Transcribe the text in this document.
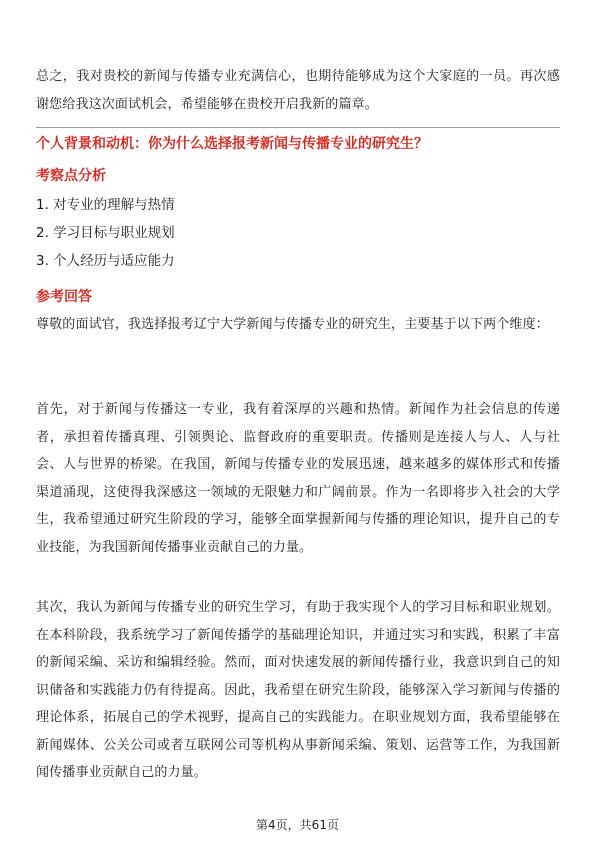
总之，我对贵校的新闻与传播专业充满信心，也期待能够成为这个大家庭的一员。再次感谢您给我这次面试机会，希望能够在贵校开启我新的篇章。

个人背景和动机：你为什么选择报考新闻与传播专业的研究生？

考察点分析

1. 对专业的理解与热情

2. 学习目标与职业规划

3. 个人经历与适应能力

参考回答

尊敬的面试官，我选择报考辽宁大学新闻与传播专业的研究生，主要基于以下两个维度：

首先，对于新闻与传播这一专业，我有着深厚的兴趣和热情。新闻作为社会信息的传递者，承担着传播真理、引领舆论、监督政府的重要职责。传播则是连接人与人、人与社会、人与世界的桥梁。在我国，新闻与传播专业的发展迅速，越来越多的媒体形式和传播渠道涌现，这使得我深感这一领域的无限魅力和广阔前景。作为一名即将步入社会的大学生，我希望通过研究生阶段的学习，能够全面掌握新闻与传播的理论知识，提升自己的专业技能，为我国新闻传播事业贡献自己的力量。

其次，我认为新闻与传播专业的研究生学习，有助于我实现个人的学习目标和职业规划。在本科阶段，我系统学习了新闻传播学的基础理论知识，并通过实习和实践，积累了丰富的新闻采编、采访和编辑经验。然而，面对快速发展的新闻传播行业，我意识到自己的知识储备和实践能力仍有待提高。因此，我希望在研究生阶段，能够深入学习新闻与传播的理论体系，拓展自己的学术视野，提高自己的实践能力。在职业规划方面，我希望能够在新闻媒体、公关公司或者互联网公司等机构从事新闻采编、策划、运营等工作，为我国新闻传播事业贡献自己的力量。

第4页，共61页
